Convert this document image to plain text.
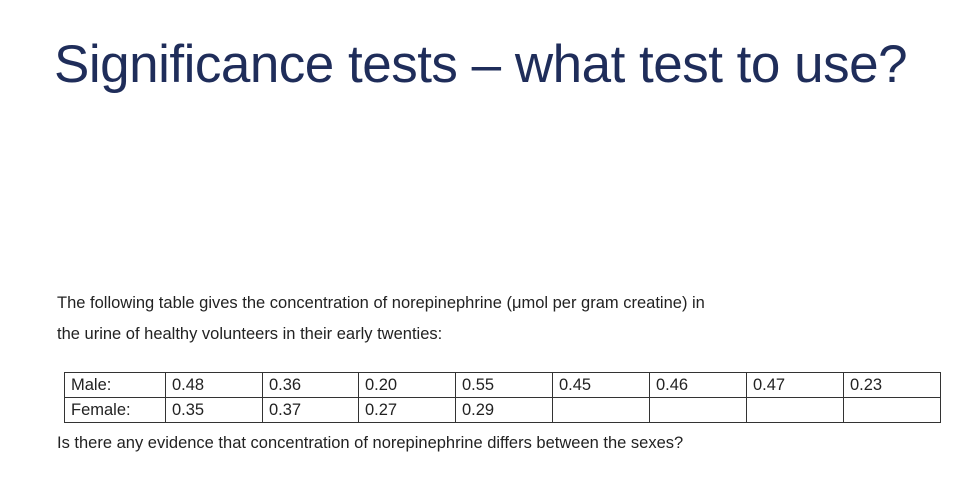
Significance tests – what test to use?

The following table gives the concentration of norepinephrine (μmol per gram creatine) in

the urine of healthy volunteers in their early twenties:

Male:	0.48	0.36	0.20	0.55	0.45	0.46	0.47	0.23
Female:	0.35	0.37	0.27	0.29				
Is there any evidence that concentration of norepinephrine differs between the sexes?
